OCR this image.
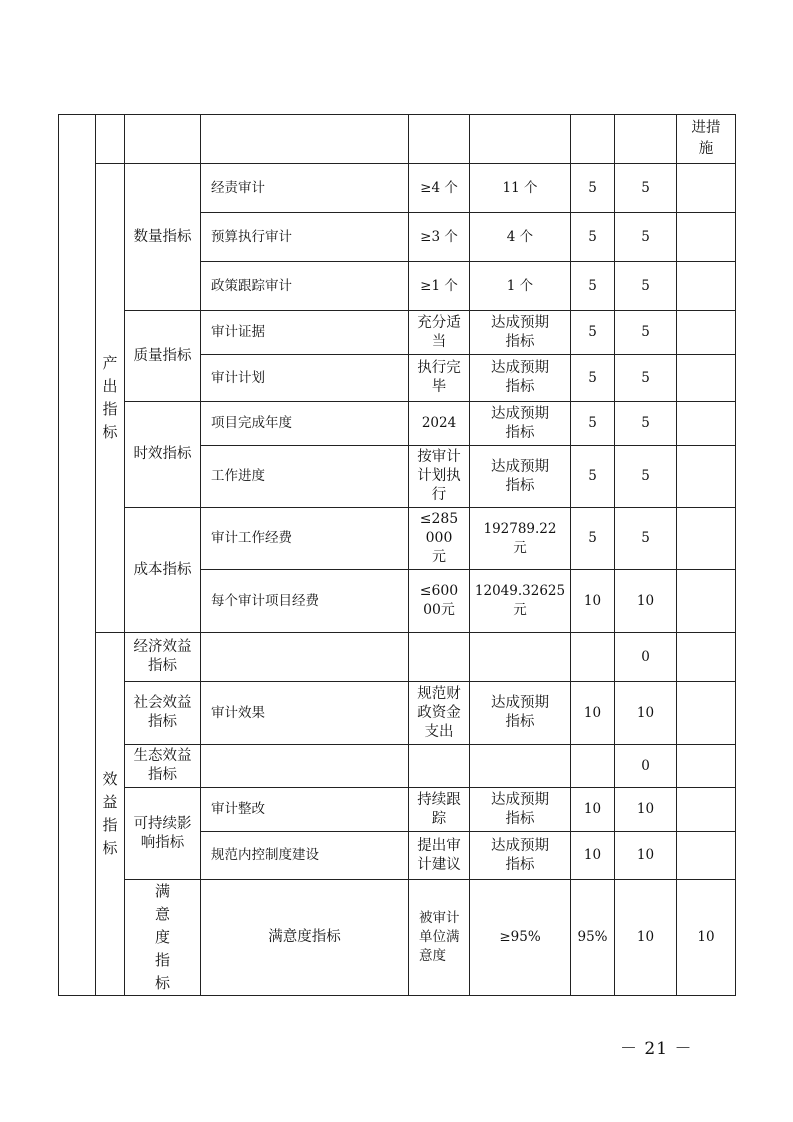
								进措施	
	产出指标	数量指标	经责审计	≥4 个	11 个	5	5		
			预算执行审计	≥3 个	4 个	5	5		
			政策跟踪审计	≥1 个	1 个	5	5		
		质量指标	审计证据	充分适当	达成预期指标	5	5		
			审计计划	执行完毕	达成预期指标	5	5		
		时效指标	项目完成年度	2024	达成预期指标	5	5		
			工作进度	按审计计划执行	达成预期指标	5	5		
		成本指标	审计工作经费	≤285000元	192789.22元	5	5		
			每个审计项目经费	≤60000元	12049.32625元	10	10		
	效益指标	经济效益指标					0		
		社会效益指标	审计效果	规范财政资金支出	达成预期指标	10	10		
		生态效益指标					0		
		可持续影响指标	审计整改	持续跟踪	达成预期指标	10	10		
			规范内控制度建设	提出审计建议	达成预期指标	10	10		
		满意度指标	满意度指标	被审计单位满意度	≥95%	95%	10	10	
－ 21 －
